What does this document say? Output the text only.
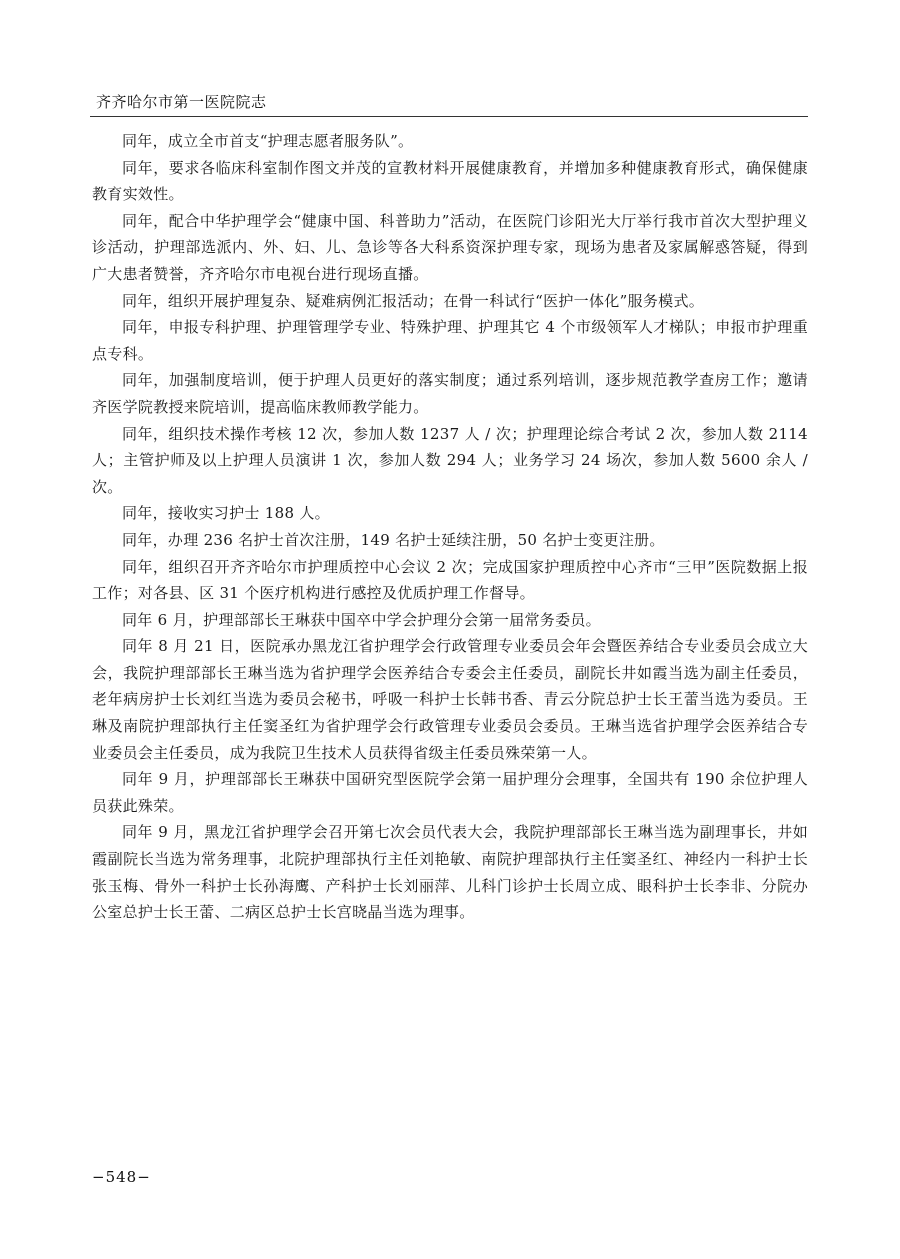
齐齐哈尔市第一医院院志

同年，成立全市首支“护理志愿者服务队”。

同年，要求各临床科室制作图文并茂的宣教材料开展健康教育，并增加多种健康教育形式，确保健康教育实效性。

同年，配合中华护理学会“健康中国、科普助力”活动，在医院门诊阳光大厅举行我市首次大型护理义诊活动，护理部选派内、外、妇、儿、急诊等各大科系资深护理专家，现场为患者及家属解惑答疑，得到广大患者赞誉，齐齐哈尔市电视台进行现场直播。

同年，组织开展护理复杂、疑难病例汇报活动；在骨一科试行“医护一体化”服务模式。

同年，申报专科护理、护理管理学专业、特殊护理、护理其它 4 个市级领军人才梯队；申报市护理重点专科。

同年，加强制度培训，便于护理人员更好的落实制度；通过系列培训，逐步规范教学查房工作；邀请齐医学院教授来院培训，提高临床教师教学能力。

同年，组织技术操作考核 12 次，参加人数 1237 人 / 次；护理理论综合考试 2 次，参加人数 2114 人；主管护师及以上护理人员演讲 1 次，参加人数 294 人；业务学习 24 场次，参加人数 5600 余人 / 次。

同年，接收实习护士 188 人。

同年，办理 236 名护士首次注册，149 名护士延续注册，50 名护士变更注册。

同年，组织召开齐齐哈尔市护理质控中心会议 2 次；完成国家护理质控中心齐市“三甲”医院数据上报工作；对各县、区 31 个医疗机构进行感控及优质护理工作督导。

同年 6 月，护理部部长王琳获中国卒中学会护理分会第一届常务委员。

同年 8 月 21 日，医院承办黑龙江省护理学会行政管理专业委员会年会暨医养结合专业委员会成立大会，我院护理部部长王琳当选为省护理学会医养结合专委会主任委员，副院长井如霞当选为副主任委员，老年病房护士长刘红当选为委员会秘书，呼吸一科护士长韩书香、青云分院总护士长王蕾当选为委员。王琳及南院护理部执行主任窦圣红为省护理学会行政管理专业委员会委员。王琳当选省护理学会医养结合专业委员会主任委员，成为我院卫生技术人员获得省级主任委员殊荣第一人。

同年 9 月，护理部部长王琳获中国研究型医院学会第一届护理分会理事，全国共有 190 余位护理人员获此殊荣。

同年 9 月，黑龙江省护理学会召开第七次会员代表大会，我院护理部部长王琳当选为副理事长，井如霞副院长当选为常务理事，北院护理部执行主任刘艳敏、南院护理部执行主任窦圣红、神经内一科护士长张玉梅、骨外一科护士长孙海鹰、产科护士长刘丽萍、儿科门诊护士长周立成、眼科护士长李非、分院办公室总护士长王蕾、二病区总护士长宫晓晶当选为理事。

−548−
